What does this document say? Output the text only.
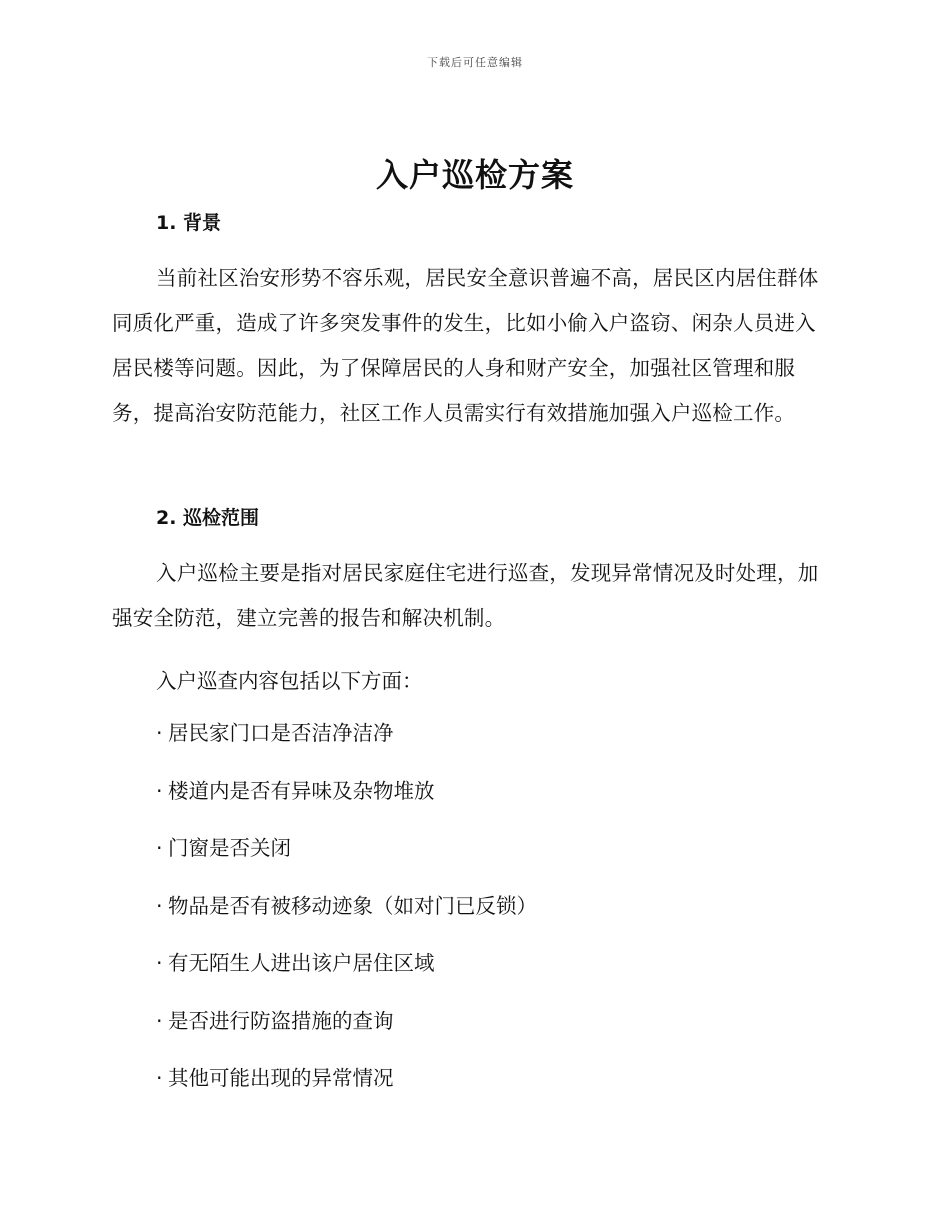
下载后可任意编辑
入户巡检方案
1. 背景

当前社区治安形势不容乐观，居民安全意识普遍不高，居民区内居住群体同质化严重，造成了许多突发事件的发生，比如小偷入户盗窃、闲杂人员进入居民楼等问题。因此，为了保障居民的人身和财产安全，加强社区管理和服务，提高治安防范能力，社区工作人员需实行有效措施加强入户巡检工作。

2. 巡检范围

入户巡检主要是指对居民家庭住宅进行巡查，发现异常情况及时处理，加强安全防范，建立完善的报告和解决机制。

入户巡查内容包括以下方面：

· 居民家门口是否洁净洁净
· 楼道内是否有异味及杂物堆放
· 门窗是否关闭
· 物品是否有被移动迹象（如对门已反锁）
· 有无陌生人进出该户居住区域
· 是否进行防盗措施的查询
· 其他可能出现的异常情况
